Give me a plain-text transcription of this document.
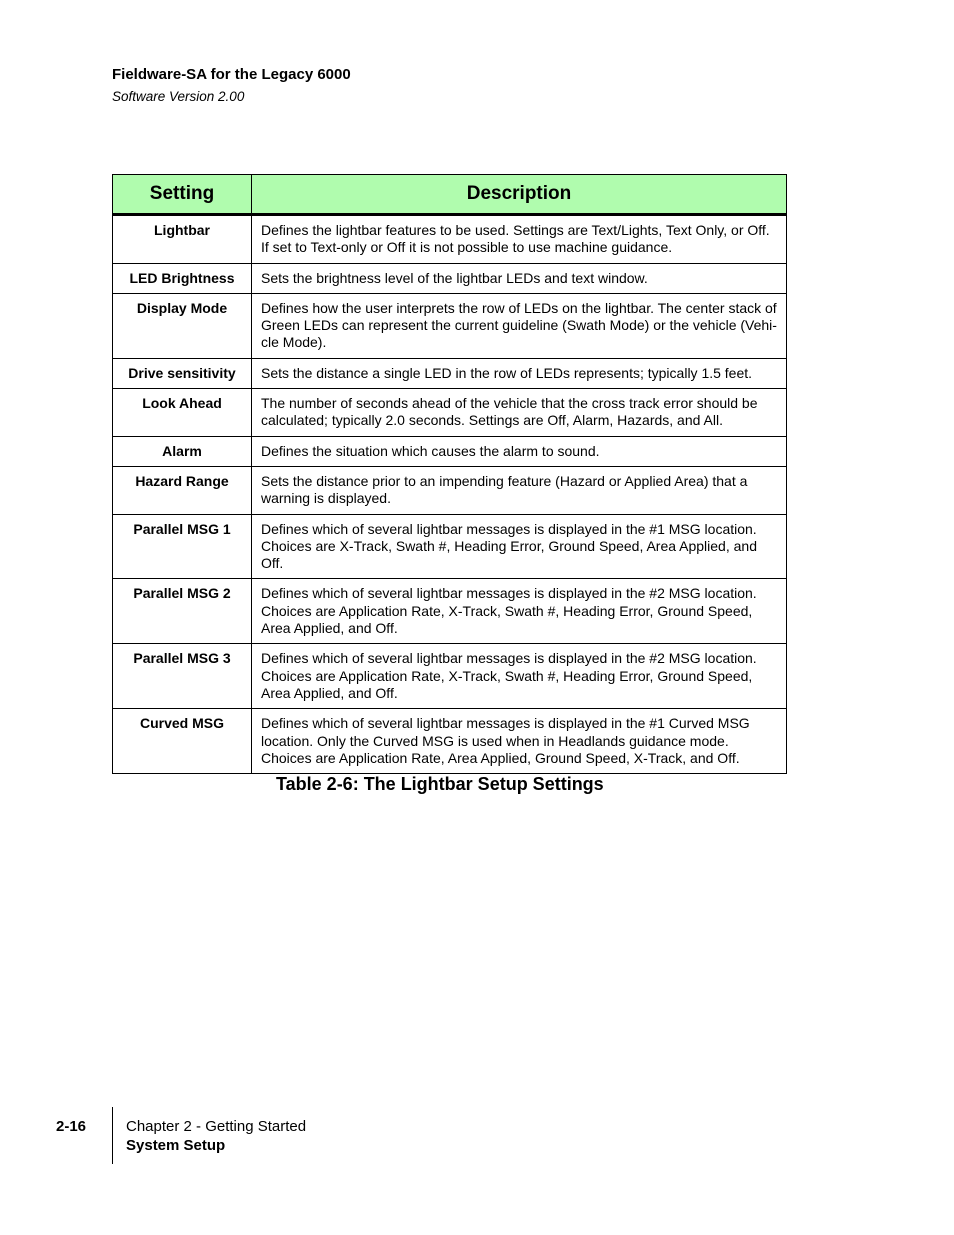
Fieldware-SA for the Legacy 6000

Software Version 2.00

Setting	Description
Lightbar	Defines the lightbar features to be used. Settings are Text/Lights, Text Only, or Off. If set to Text-only or Off it is not possible to use machine guidance.
LED Brightness	Sets the brightness level of the lightbar LEDs and text window.
Display Mode	Defines how the user interprets the row of LEDs on the lightbar. The center stack of Green LEDs can represent the current guideline (Swath Mode) or the vehicle (Vehi-cle Mode).
Drive sensitivity	Sets the distance a single LED in the row of LEDs represents; typically 1.5 feet.
Look Ahead	The number of seconds ahead of the vehicle that the cross track error should be calculated; typically 2.0 seconds. Settings are Off, Alarm, Hazards, and All.
Alarm	Defines the situation which causes the alarm to sound.
Hazard Range	Sets the distance prior to an impending feature (Hazard or Applied Area) that a warning is displayed.
Parallel MSG 1	Defines which of several lightbar messages is displayed in the #1 MSG location. Choices are X-Track, Swath #, Heading Error, Ground Speed, Area Applied, and Off.
Parallel MSG 2	Defines which of several lightbar messages is displayed in the #2 MSG location. Choices are Application Rate, X-Track, Swath #, Heading Error, Ground Speed, Area Applied, and Off.
Parallel MSG 3	Defines which of several lightbar messages is displayed in the #2 MSG location. Choices are Application Rate, X-Track, Swath #, Heading Error, Ground Speed, Area Applied, and Off.
Curved MSG	Defines which of several lightbar messages is displayed in the #1 Curved MSG location. Only the Curved MSG is used when in Headlands guidance mode. Choices are Application Rate, Area Applied, Ground Speed, X-Track, and Off.

Table 2-6: The Lightbar Setup Settings

2-16	Chapter 2 - Getting Started
System Setup
